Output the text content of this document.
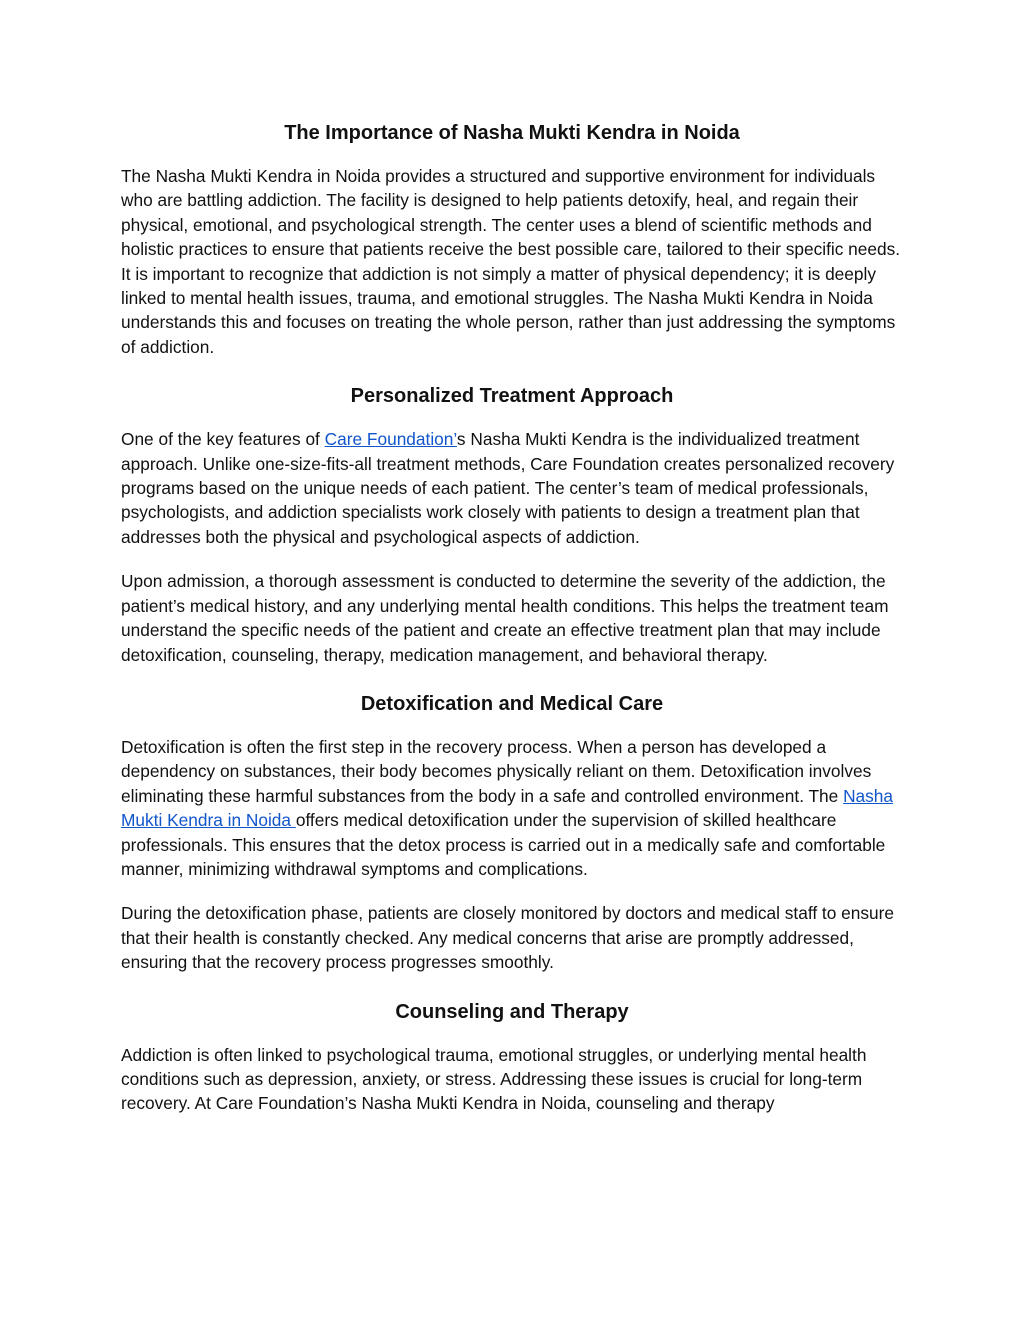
The Importance of Nasha Mukti Kendra in Noida

The Nasha Mukti Kendra in Noida provides a structured and supportive environment for individuals who are battling addiction. The facility is designed to help patients detoxify, heal, and regain their physical, emotional, and psychological strength. The center uses a blend of scientific methods and holistic practices to ensure that patients receive the best possible care, tailored to their specific needs. It is important to recognize that addiction is not simply a matter of physical dependency; it is deeply linked to mental health issues, trauma, and emotional struggles. The Nasha Mukti Kendra in Noida understands this and focuses on treating the whole person, rather than just addressing the symptoms of addiction.

Personalized Treatment Approach

One of the key features of Care Foundation’s Nasha Mukti Kendra is the individualized treatment approach. Unlike one-size-fits-all treatment methods, Care Foundation creates personalized recovery programs based on the unique needs of each patient. The center’s team of medical professionals, psychologists, and addiction specialists work closely with patients to design a treatment plan that addresses both the physical and psychological aspects of addiction.

Upon admission, a thorough assessment is conducted to determine the severity of the addiction, the patient’s medical history, and any underlying mental health conditions. This helps the treatment team understand the specific needs of the patient and create an effective treatment plan that may include detoxification, counseling, therapy, medication management, and behavioral therapy.

Detoxification and Medical Care

Detoxification is often the first step in the recovery process. When a person has developed a dependency on substances, their body becomes physically reliant on them. Detoxification involves eliminating these harmful substances from the body in a safe and controlled environment. The Nasha Mukti Kendra in Noida offers medical detoxification under the supervision of skilled healthcare professionals. This ensures that the detox process is carried out in a medically safe and comfortable manner, minimizing withdrawal symptoms and complications.

During the detoxification phase, patients are closely monitored by doctors and medical staff to ensure that their health is constantly checked. Any medical concerns that arise are promptly addressed, ensuring that the recovery process progresses smoothly.

Counseling and Therapy

Addiction is often linked to psychological trauma, emotional struggles, or underlying mental health conditions such as depression, anxiety, or stress. Addressing these issues is crucial for long-term recovery. At Care Foundation’s Nasha Mukti Kendra in Noida, counseling and therapy
